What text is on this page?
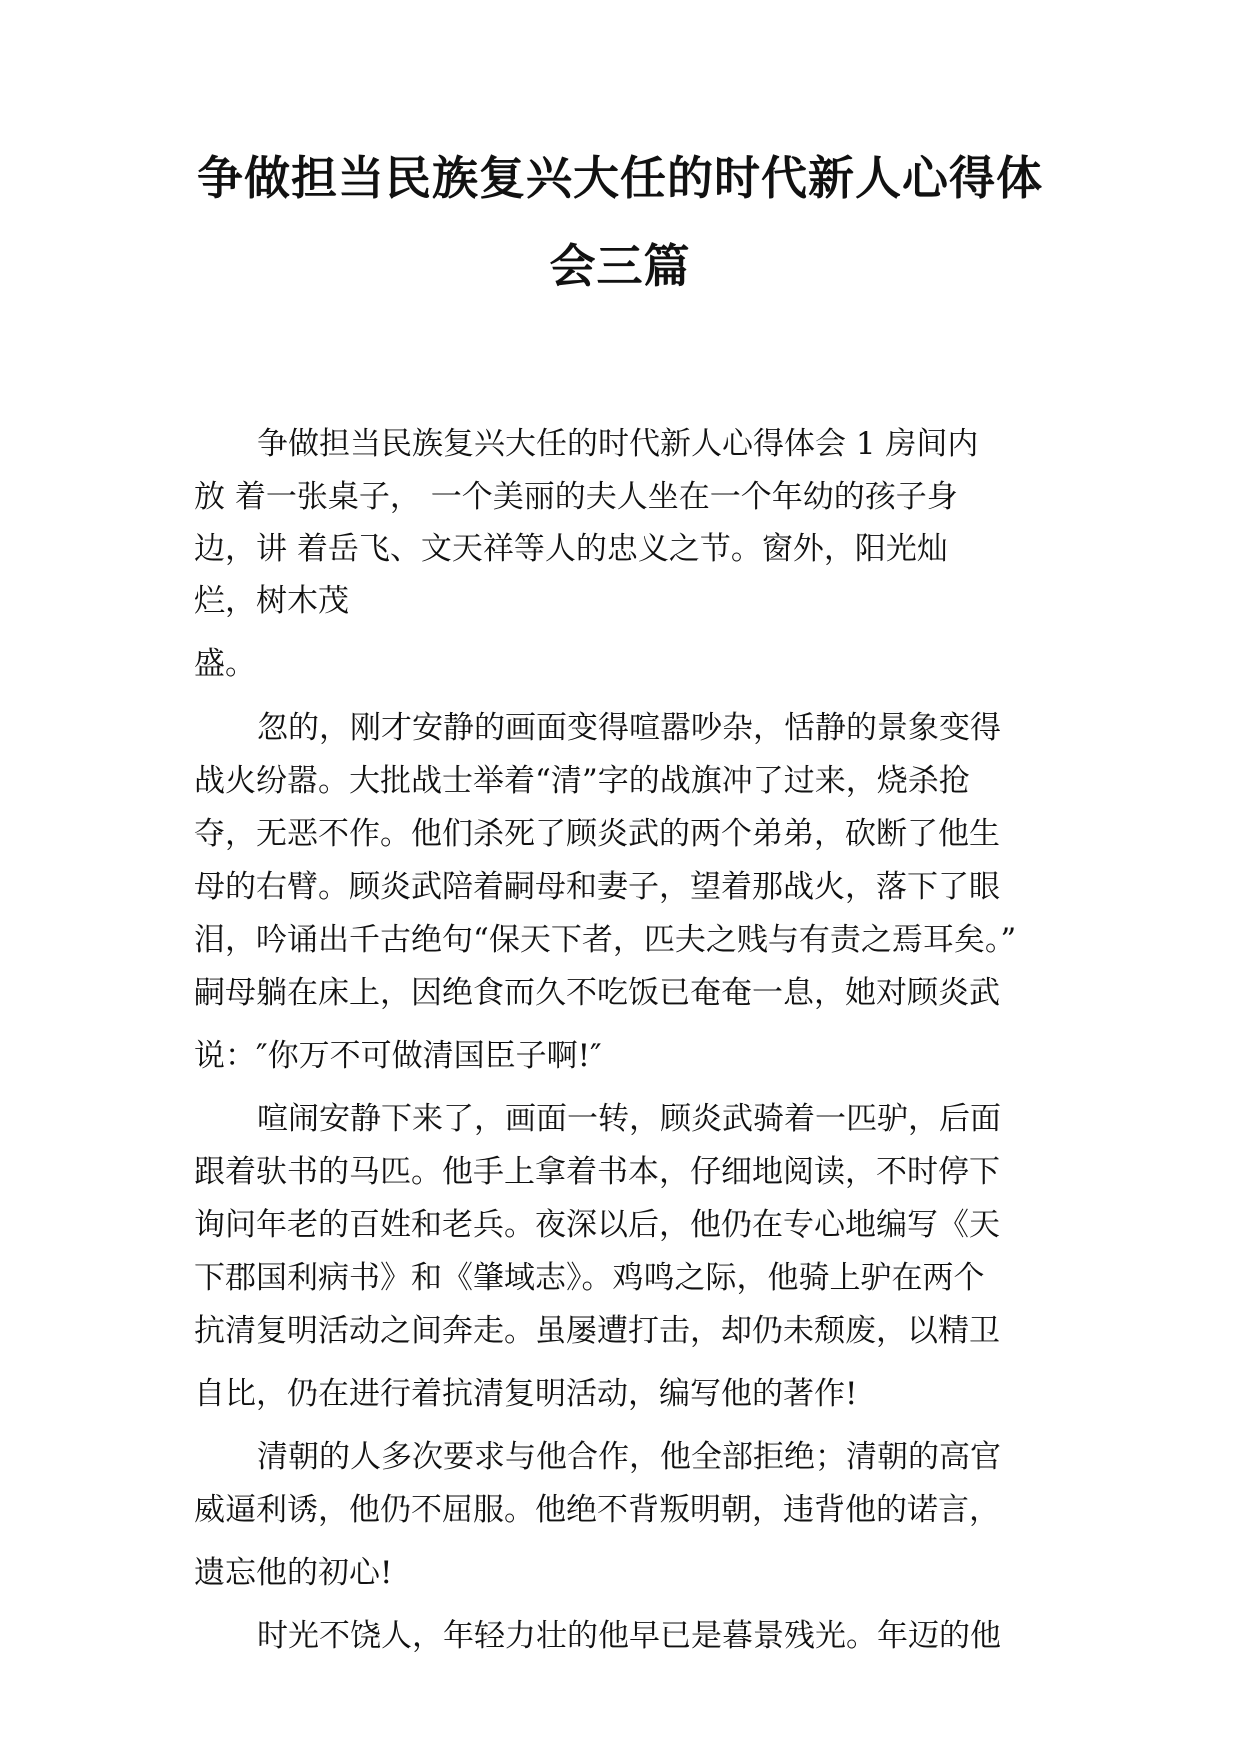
争做担当民族复兴大任的时代新人心得体
会三篇
争做担当民族复兴大任的时代新人心得体会 1 房间内
放 着一张桌子， 一个美丽的夫人坐在一个年幼的孩子身
边，讲 着岳飞、文天祥等人的忠义之节。窗外，阳光灿
烂，树木茂
盛。
忽的，刚才安静的画面变得喧嚣吵杂，恬静的景象变得
战火纷嚣。大批战士举着“清”字的战旗冲了过来，烧杀抢
夺，无恶不作。他们杀死了顾炎武的两个弟弟，砍断了他生
母的右臂。顾炎武陪着嗣母和妻子，望着那战火，落下了眼
泪，吟诵出千古绝句“保天下者，匹夫之贱与有责之焉耳矣。”
嗣母躺在床上，因绝食而久不吃饭已奄奄一息，她对顾炎武
说：″你万不可做清国臣子啊!″
喧闹安静下来了，画面一转，顾炎武骑着一匹驴，后面
跟着驮书的马匹。他手上拿着书本，仔细地阅读，不时停下
询问年老的百姓和老兵。夜深以后，他仍在专心地编写《天
下郡国利病书》和《肇域志》。鸡鸣之际，他骑上驴在两个
抗清复明活动之间奔走。虽屡遭打击，却仍未颓废，以精卫
自比，仍在进行着抗清复明活动，编写他的著作!
清朝的人多次要求与他合作，他全部拒绝；清朝的高官
威逼利诱，他仍不屈服。他绝不背叛明朝，违背他的诺言，
遗忘他的初心!
时光不饶人，年轻力壮的他早已是暮景残光。年迈的他
